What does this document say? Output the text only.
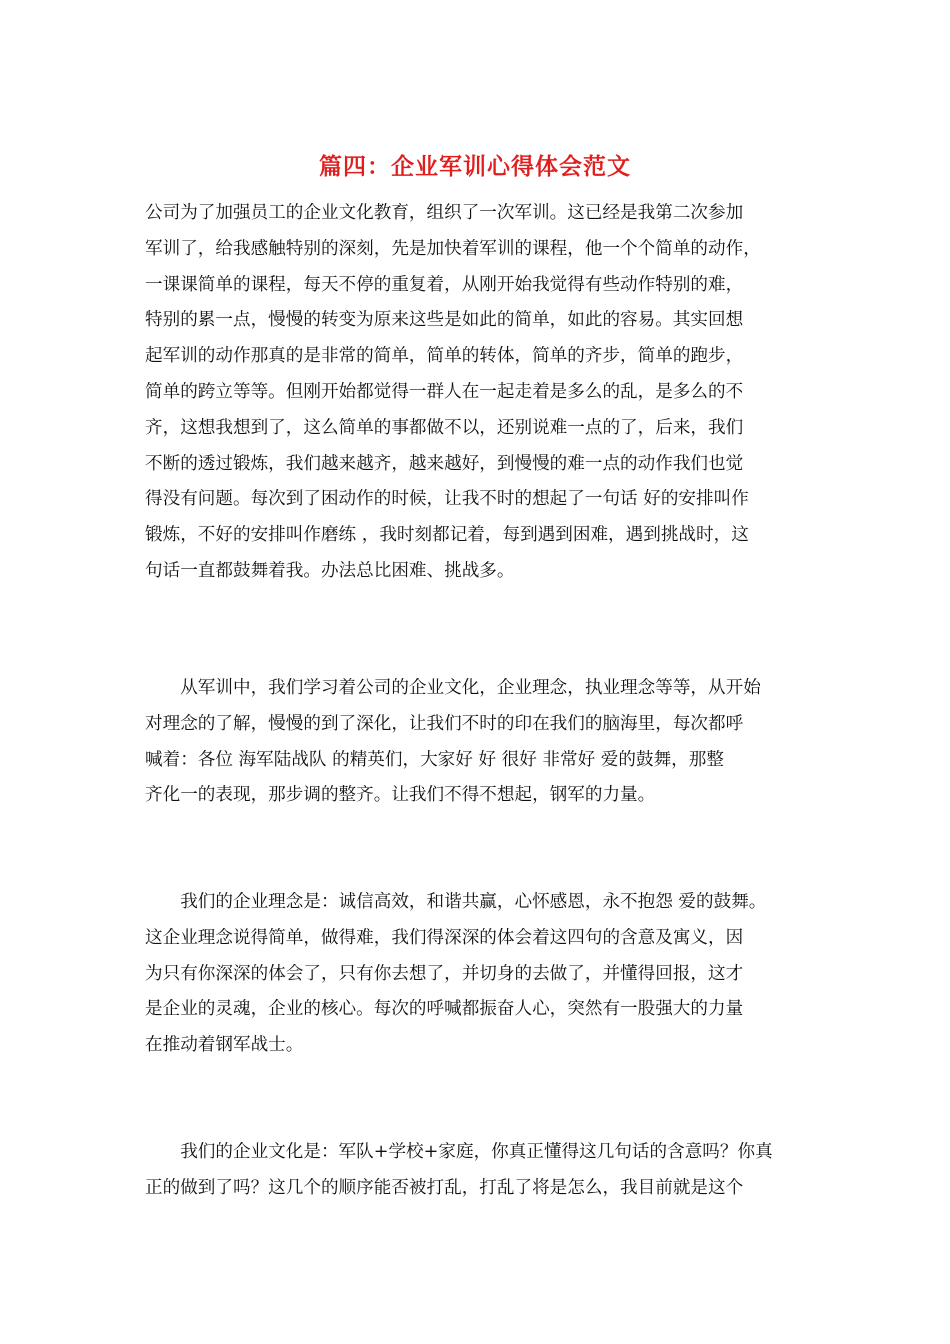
篇四：企业军训心得体会范文

公司为了加强员工的企业文化教育，组织了一次军训。这已经是我第二次参加
军训了，给我感触特别的深刻，先是加快着军训的课程，他一个个简单的动作，
一课课简单的课程，每天不停的重复着，从刚开始我觉得有些动作特别的难，
特别的累一点，慢慢的转变为原来这些是如此的简单，如此的容易。其实回想
起军训的动作那真的是非常的简单，简单的转体，简单的齐步，简单的跑步，
简单的跨立等等。但刚开始都觉得一群人在一起走着是多么的乱，是多么的不
齐，这想我想到了，这么简单的事都做不以，还别说难一点的了，后来，我们
不断的透过锻炼，我们越来越齐，越来越好，到慢慢的难一点的动作我们也觉
得没有问题。每次到了困动作的时候，让我不时的想起了一句话 好的安排叫作
锻炼，不好的安排叫作磨练 ，我时刻都记着，每到遇到困难，遇到挑战时，这
句话一直都鼓舞着我。办法总比困难、挑战多。

　　从军训中，我们学习着公司的企业文化，企业理念，执业理念等等，从开始
对理念的了解，慢慢的到了深化，让我们不时的印在我们的脑海里，每次都呼
喊着：各位 海军陆战队 的精英们，大家好 好 很好 非常好 爱的鼓舞，那整
齐化一的表现，那步调的整齐。让我们不得不想起，钢军的力量。

　　我们的企业理念是：诚信高效，和谐共赢，心怀感恩，永不抱怨 爱的鼓舞。
这企业理念说得简单，做得难，我们得深深的体会着这四句的含意及寓义，因
为只有你深深的体会了，只有你去想了，并切身的去做了，并懂得回报，这才
是企业的灵魂，企业的核心。每次的呼喊都振奋人心，突然有一股强大的力量
在推动着钢军战士。

　　我们的企业文化是：军队+学校+家庭，你真正懂得这几句话的含意吗？你真
正的做到了吗？这几个的顺序能否被打乱，打乱了将是怎么，我目前就是这个
